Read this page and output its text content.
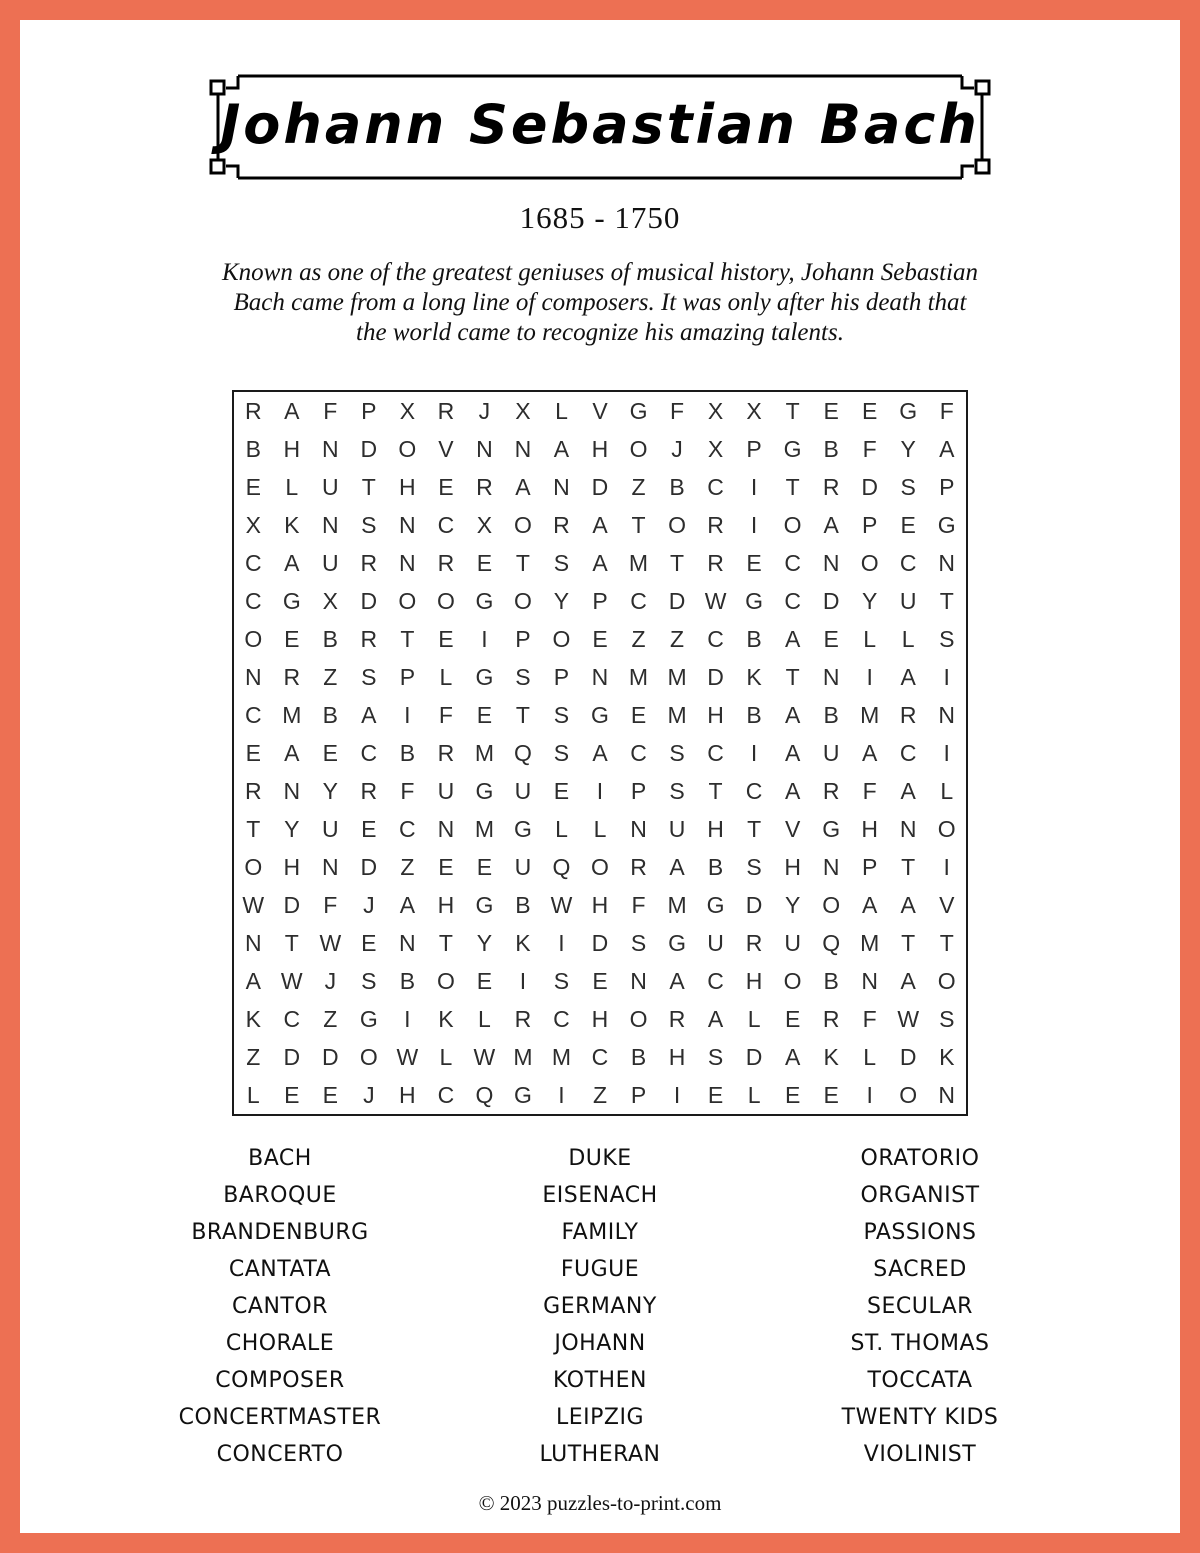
Johann Sebastian Bach
1685 - 1750
Known as one of the greatest geniuses of musical history, Johann Sebastian
Bach came from a long line of composers. It was only after his death that
the world came to recognize his amazing talents.
R A	F	P	X R	J	X	L	V G F	X	X	T	E	E G F
B H N D O V N N A H O	J	X	P G B	F	Y	A
E	L	U	T	H E R A N D	Z	B C	I	T	R D S	P
X	K N S N C X O R A	T O R	I	O A	P	E G
C A U R N R E	T	S	A M T	R E C N O C N
C G X D O O G O Y	P C D W G C D Y U	T
O E	B R	T	E	I	P O E	Z	Z	C B	A	E	L	L	S
N R	Z	S	P	L	G S	P N M M D K	T	N	I	A	I
C M B	A	I	F	E	T	S G E M H B	A	B M R N
E	A	E C B R M Q S	A C S C	I	A U A C	I
R N Y R	F	U G U E	I	P	S	T	C A R	F	A	L
T	Y U E C N M G	L	L	N U H	T	V G H N O
O H N D	Z	E	E U Q O R A	B	S H N P	T	I
W D	F	J	A H G B W H	F M G D Y O A	A	V
N	T W E N	T	Y	K	I	D S G U R U Q M T	T
A W J	S	B O E	I	S	E N A C H O B N A O
K C	Z G	I	K	L	R C H O R A	L	E R	F W S
Z	D D O W L W M M C B H S D A	K	L	D K
L	E	E	J	H C Q G	I	Z	P	I	E	L	E	E	I	O N
BACH
BAROQUE
BRANDENBURG
CANTATA
CANTOR
CHORALE
COMPOSER
CONCERTMASTER
CONCERTO
DUKE
EISENACH
FAMILY
FUGUE
GERMANY
JOHANN
KOTHEN
LEIPZIG
LUTHERAN
ORATORIO
ORGANIST
PASSIONS
SACRED
SECULAR
ST. THOMAS
TOCCATA
TWENTY KIDS
VIOLINIST
© 2023 puzzles-to-print.com
